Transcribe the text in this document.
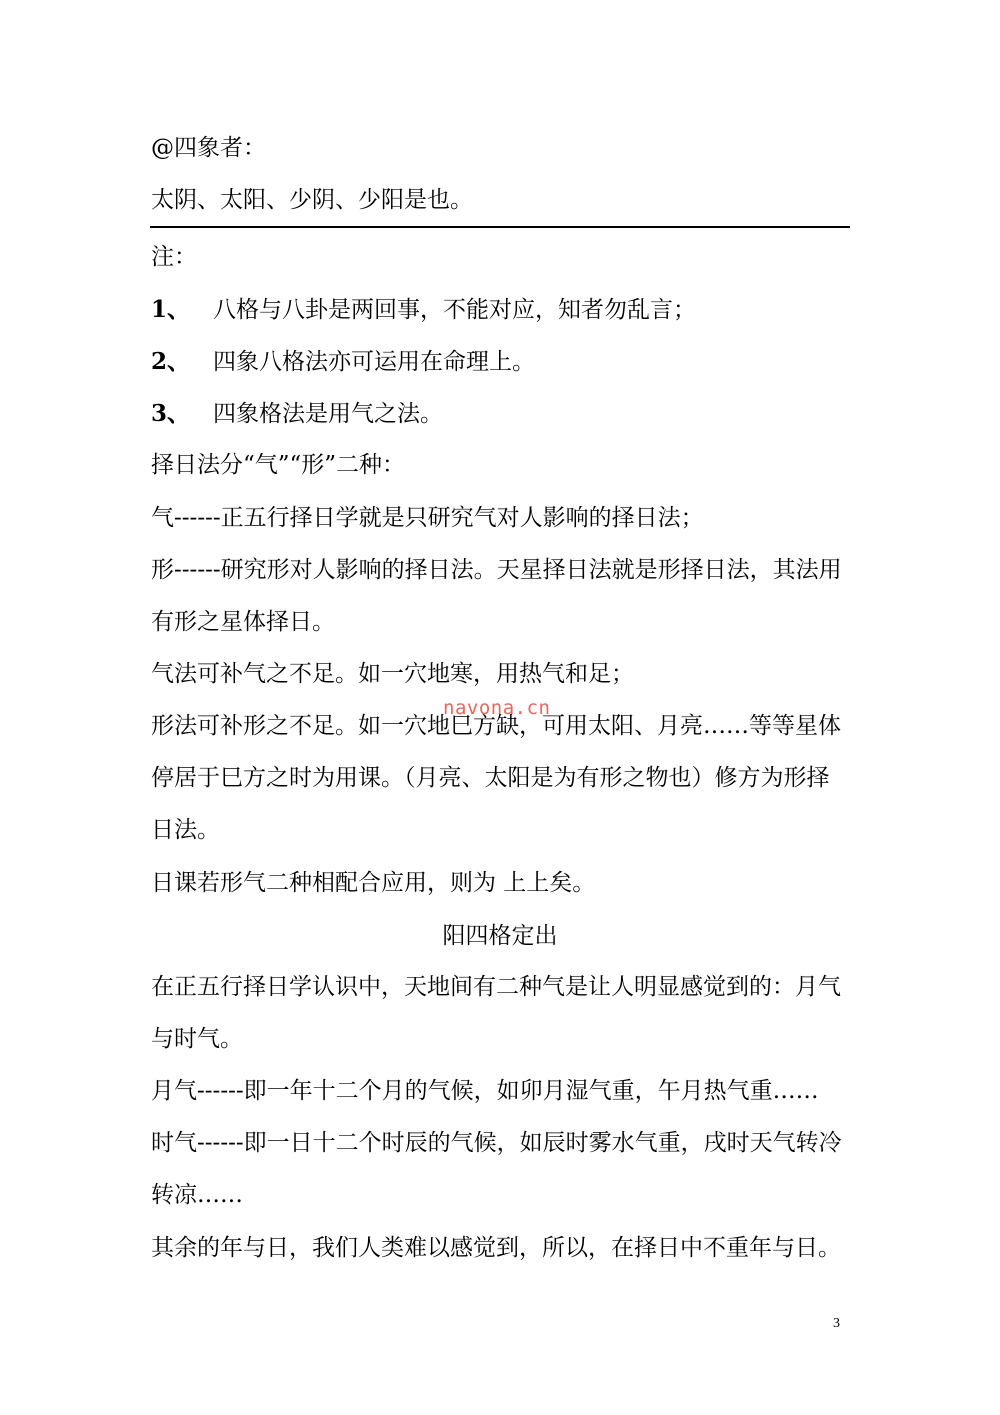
@四象者：
太阴、太阳、少阴、少阳是也。
注：
1、 八格与八卦是两回事，不能对应，知者勿乱言；
2、 四象八格法亦可运用在命理上。
3、 四象格法是用气之法。
择日法分“气”“形”二种：
气------正五行择日学就是只研究气对人影响的择日法；
形------研究形对人影响的择日法。天星择日法就是形择日法，其法用
有形之星体择日。
气法可补气之不足。如一穴地寒，用热气和足；
形法可补形之不足。如一穴地巳方缺，可用太阳、月亮……等等星体
停居于巳方之时为用课。（月亮、太阳是为有形之物也）修方为形择
日法。
日课若形气二种相配合应用，则为 上上矣。
阳四格定出
在正五行择日学认识中，天地间有二种气是让人明显感觉到的：月气
与时气。
月气------即一年十二个月的气候，如卯月湿气重，午月热气重……
时气------即一日十二个时辰的气候，如辰时雾水气重，戌时天气转冷
转凉……
其余的年与日，我们人类难以感觉到，所以，在择日中不重年与日。
navona.cn
3
